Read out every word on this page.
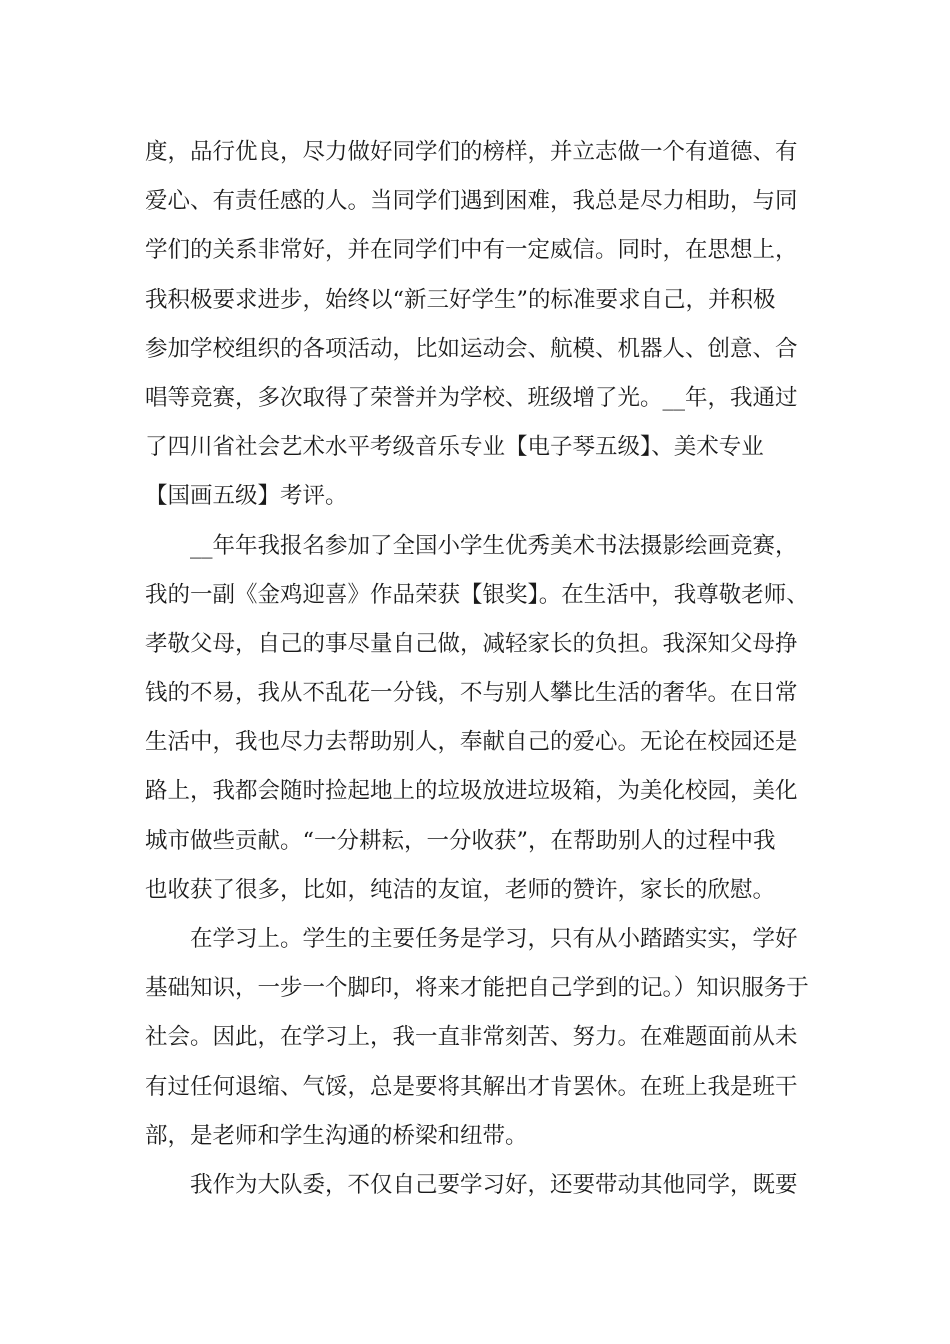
度，品行优良，尽力做好同学们的榜样，并立志做一个有道德、有
爱心、有责任感的人。当同学们遇到困难，我总是尽力相助，与同
学们的关系非常好，并在同学们中有一定威信。同时，在思想上，
我积极要求进步，始终以“新三好学生”的标准要求自己，并积极
参加学校组织的各项活动，比如运动会、航模、机器人、创意、合
唱等竞赛，多次取得了荣誉并为学校、班级增了光。__年，我通过
了四川省社会艺术水平考级音乐专业【电子琴五级】、美术专业
【国画五级】考评。
__年年我报名参加了全国小学生优秀美术书法摄影绘画竞赛，
我的一副《金鸡迎喜》作品荣获【银奖】。在生活中，我尊敬老师、
孝敬父母，自己的事尽量自己做，减轻家长的负担。我深知父母挣
钱的不易，我从不乱花一分钱，不与别人攀比生活的奢华。在日常
生活中，我也尽力去帮助别人，奉献自己的爱心。无论在校园还是
路上，我都会随时捡起地上的垃圾放进垃圾箱，为美化校园，美化
城市做些贡献。“一分耕耘，一分收获”，在帮助别人的过程中我
也收获了很多，比如，纯洁的友谊，老师的赞许，家长的欣慰。
在学习上。学生的主要任务是学习，只有从小踏踏实实，学好
基础知识，一步一个脚印，将来才能把自己学到的记。）知识服务于
社会。因此，在学习上，我一直非常刻苦、努力。在难题面前从未
有过任何退缩、气馁，总是要将其解出才肯罢休。在班上我是班干
部，是老师和学生沟通的桥梁和纽带。
我作为大队委，不仅自己要学习好，还要带动其他同学，既要
